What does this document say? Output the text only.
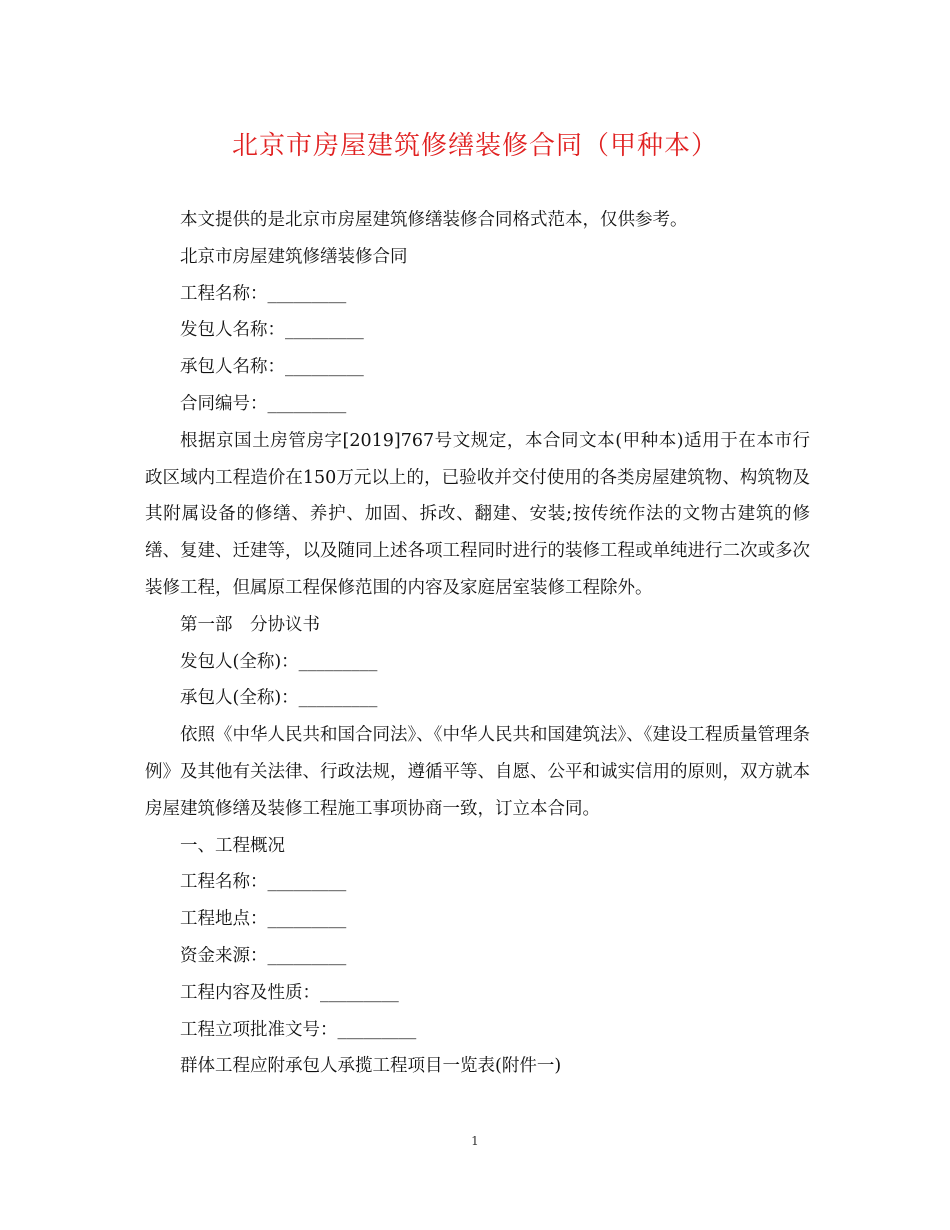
北京市房屋建筑修缮装修合同（甲种本）

本文提供的是北京市房屋建筑修缮装修合同格式范本，仅供参考。

北京市房屋建筑修缮装修合同

工程名称：_________

发包人名称：_________

承包人名称：_________

合同编号：_________

根据京国土房管房字[2019]767号文规定，本合同文本(甲种本)适用于在本市行政区域内工程造价在150万元以上的，已验收并交付使用的各类房屋建筑物、构筑物及其附属设备的修缮、养护、加固、拆改、翻建、安装;按传统作法的文物古建筑的修缮、复建、迁建等，以及随同上述各项工程同时进行的装修工程或单纯进行二次或多次装修工程，但属原工程保修范围的内容及家庭居室装修工程除外。

第一部　分协议书

发包人(全称)：_________

承包人(全称)：_________

依照《中华人民共和国合同法》、《中华人民共和国建筑法》、《建设工程质量管理条例》及其他有关法律、行政法规，遵循平等、自愿、公平和诚实信用的原则，双方就本房屋建筑修缮及装修工程施工事项协商一致，订立本合同。

一、工程概况

工程名称：_________

工程地点：_________

资金来源：_________

工程内容及性质：_________

工程立项批准文号：_________

群体工程应附承包人承揽工程项目一览表(附件一)

1
